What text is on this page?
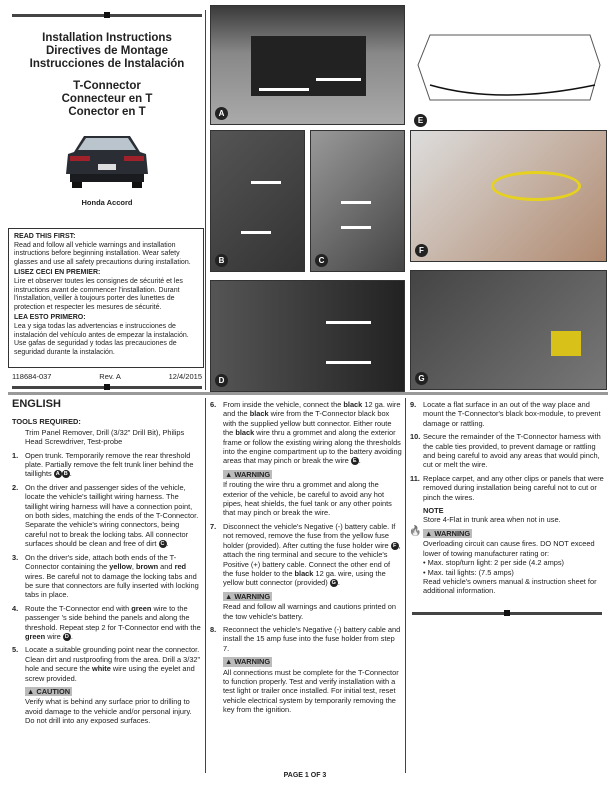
Installation Instructions
Directives de Montage
Instrucciones de Instalación
T-Connector
Connecteur en T
Conector en T
Honda Accord
READ THIS FIRST:
Read and follow all vehicle warnings and installation instructions before beginning installation. Wear safety glasses and use all safety precautions during installation.
LISEZ CECI EN PREMIER:
Lire et observer toutes les consignes de sécurité et les instructions avant de commencer l'installation. Durant l'installation, veiller à toujours porter des lunettes de protection et respecter les mesures de sécurité.
LEA ESTO PRIMERO:
Lea y siga todas las advertencias e instrucciones de instalación del vehículo antes de empezar la instalación. Use gafas de seguridad y todas las precauciones de seguridad durante la instalación.
118684-037	Rev. A	12/4/2015
A
E
B	C
F
D	G
ENGLISH
TOOLS REQUIRED:
Trim Panel Remover, Drill (3/32" Drill Bit), Philips Head Screwdriver, Test-probe
1. Open trunk. Temporarily remove the rear threshold plate. Partially remove the felt trunk liner behind the taillights A B .
2. On the driver and passenger sides of the vehicle, locate the vehicle's taillight wiring harness. The taillight wiring harness will have a connection point, on both sides, matching the ends of the T-Connector. Separate the vehicle's wiring connectors, being careful not to break the locking tabs. All connector surfaces should be clean and free of dirt C .
3. On the driver's side, attach both ends of the T-Connector containing the yellow, brown and red wires. Be careful not to damage the locking tabs and be sure that connectors are fully inserted with locking tabs in place.
4. Route the T-Connector end with green wire to the passenger 's side behind the panels and along the threshold. Repeat step 2 for T-Connector end with the green wire D .
5. Locate a suitable grounding point near the connector. Clean dirt and rustproofing from the area. Drill a 3/32" hole and secure the white wire using the eyelet and screw provided.
▲ CAUTION
Verify what is behind any surface prior to drilling to avoid damage to the vehicle and/or personal injury. Do not drill into any exposed surfaces.
6. From inside the vehicle, connect the black 12 ga. wire and the black wire from the T-Connector black box with the supplied yellow butt connector. Either route the black wire thru a grommet and along the exterior frame or follow the existing wiring along the thresholds into the engine compartment up to the battery avoiding areas that may pinch or break the wire E .
▲ WARNING
If routing the wire thru a grommet and along the exterior of the vehicle, be careful to avoid any hot pipes, heat shields, the fuel tank or any other points that may pinch or break the wire.
7. Disconnect the vehicle's Negative (-) battery cable. If not removed, remove the fuse from the yellow fuse holder (provided). After cutting the fuse holder wire F , attach the ring terminal and secure to the vehicle's Positive (+) battery cable. Connect the other end of the fuse holder to the black 12 ga. wire, using the yellow butt connector (provided) G .
▲ WARNING
Read and follow all warnings and cautions printed on the tow vehicle's battery.
8. Reconnect the vehicle's Negative (-) battery cable and install the 15 amp fuse into the fuse holder from step 7.
▲ WARNING
All connections must be complete for the T-Connector to function properly. Test and verify installation with a test light or trailer once installed. For initial test, reset vehicle electrical system by temporarily removing the key from the ignition.
9. Locate a flat surface in an out of the way place and mount the T-Connector's black box-module, to prevent damage or rattling.
10. Secure the remainder of the T-Connector harness with the cable ties provided, to prevent damage or rattling and being careful to avoid any areas that would pinch, cut or melt the wire.
11. Replace carpet, and any other clips or panels that were removed during installation being careful not to cut or pinch the wires.
NOTE
Store 4-Flat in trunk area when not in use.
🔥 ▲ WARNING
Overloading circuit can cause fires. DO NOT exceed lower of towing manufacturer rating or:
• Max. stop/turn light: 2 per side (4.2 amps)
• Max. tail lights: (7.5 amps)
Read vehicle's owners manual & instruction sheet for additional information.
PAGE 1 OF 3
